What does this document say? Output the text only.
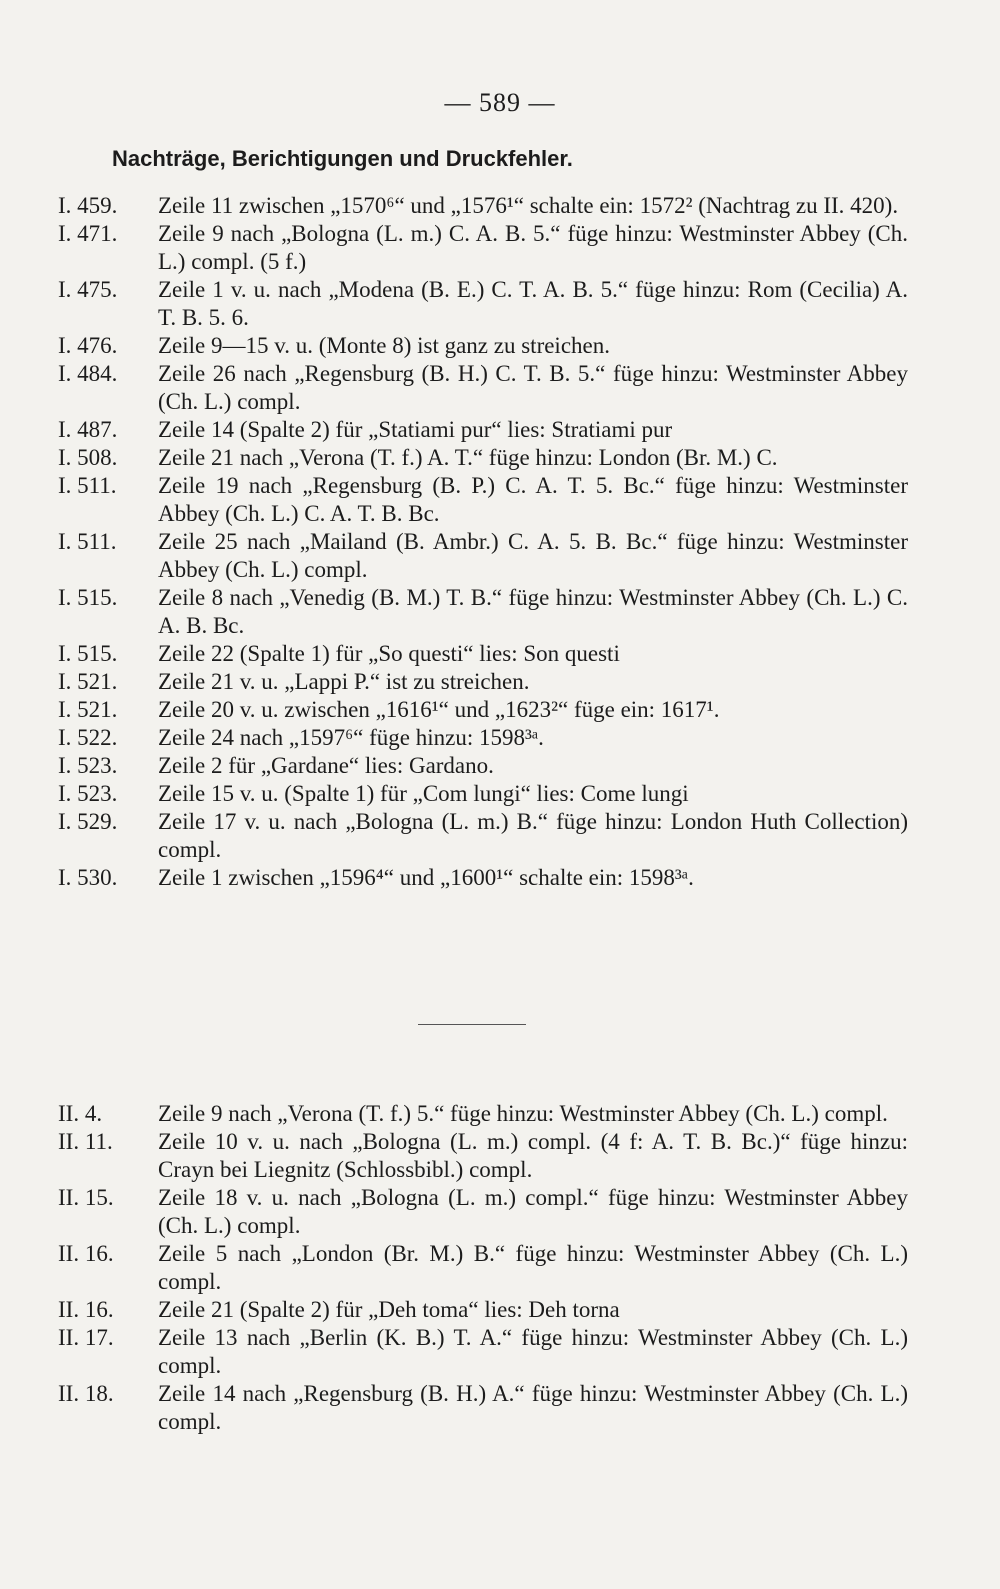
— 589 —
Nachträge, Berichtigungen und Druckfehler.
I. 459.	Zeile 11 zwischen „1570⁶“ und „1576¹“ schalte ein: 1572² (Nachtrag zu II. 420).
I. 471.	Zeile 9 nach „Bologna (L. m.) C. A. B. 5.“ füge hinzu: Westminster Abbey (Ch. L.) compl. (5 f.)
I. 475.	Zeile 1 v. u. nach „Modena (B. E.) C. T. A. B. 5.“ füge hinzu: Rom (Cecilia) A. T. B. 5. 6.
I. 476.	Zeile 9—15 v. u. (Monte 8) ist ganz zu streichen.
I. 484.	Zeile 26 nach „Regensburg (B. H.) C. T. B. 5.“ füge hinzu: Westminster Abbey (Ch. L.) compl.
I. 487.	Zeile 14 (Spalte 2) für „Statiami pur“ lies: Stratiami pur
I. 508.	Zeile 21 nach „Verona (T. f.) A. T.“ füge hinzu: London (Br. M.) C.
I. 511.	Zeile 19 nach „Regensburg (B. P.) C. A. T. 5. Bc.“ füge hinzu: Westminster Abbey (Ch. L.) C. A. T. B. Bc.
I. 511.	Zeile 25 nach „Mailand (B. Ambr.) C. A. 5. B. Bc.“ füge hinzu: Westminster Abbey (Ch. L.) compl.
I. 515.	Zeile 8 nach „Venedig (B. M.) T. B.“ füge hinzu: Westminster Abbey (Ch. L.) C. A. B. Bc.
I. 515.	Zeile 22 (Spalte 1) für „So questi“ lies: Son questi
I. 521.	Zeile 21 v. u. „Lappi P.“ ist zu streichen.
I. 521.	Zeile 20 v. u. zwischen „1616¹“ und „1623²“ füge ein: 1617¹.
I. 522.	Zeile 24 nach „1597⁶“ füge hinzu: 1598³ᵃ.
I. 523.	Zeile 2 für „Gardane“ lies: Gardano.
I. 523.	Zeile 15 v. u. (Spalte 1) für „Com lungi“ lies: Come lungi
I. 529.	Zeile 17 v. u. nach „Bologna (L. m.) B.“ füge hinzu: London Huth Collection) compl.
I. 530.	Zeile 1 zwischen „1596⁴“ und „1600¹“ schalte ein: 1598³ᵃ.
II. 4.	Zeile 9 nach „Verona (T. f.) 5.“ füge hinzu: Westminster Abbey (Ch. L.) compl.
II. 11.	Zeile 10 v. u. nach „Bologna (L. m.) compl. (4 f: A. T. B. Bc.)“ füge hinzu: Crayn bei Liegnitz (Schlossbibl.) compl.
II. 15.	Zeile 18 v. u. nach „Bologna (L. m.) compl.“ füge hinzu: Westminster Abbey (Ch. L.) compl.
II. 16.	Zeile 5 nach „London (Br. M.) B.“ füge hinzu: Westminster Abbey (Ch. L.) compl.
II. 16.	Zeile 21 (Spalte 2) für „Deh toma“ lies: Deh torna
II. 17.	Zeile 13 nach „Berlin (K. B.) T. A.“ füge hinzu: Westminster Abbey (Ch. L.) compl.
II. 18.	Zeile 14 nach „Regensburg (B. H.) A.“ füge hinzu: Westminster Abbey (Ch. L.) compl.
